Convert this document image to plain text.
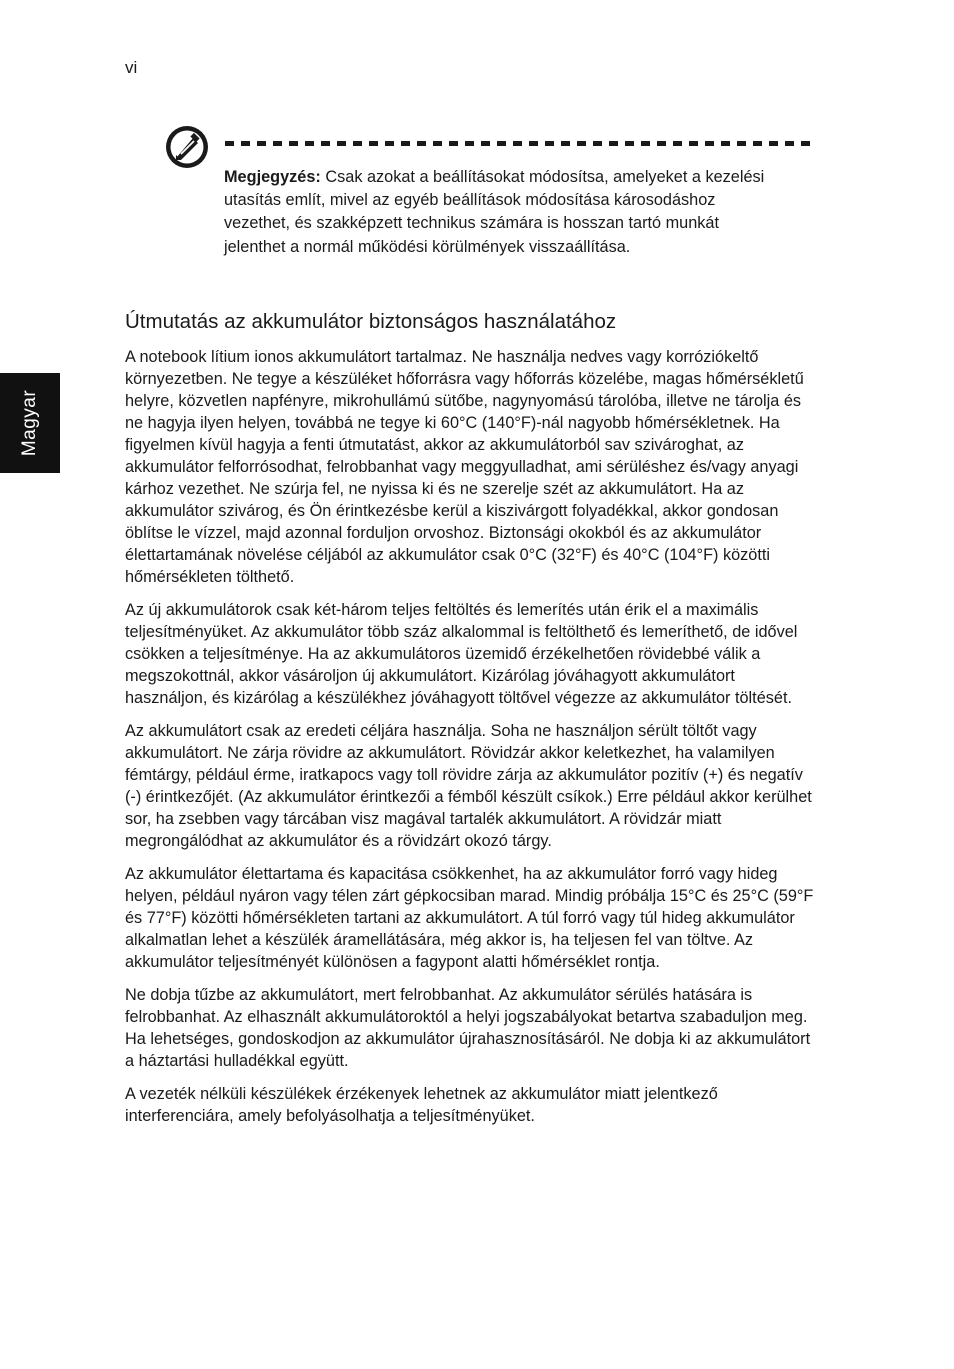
vi
Magyar

Megjegyzés: Csak azokat a beállításokat módosítsa, amelyeket a kezelési utasítás említ, mivel az egyéb beállítások módosítása károsodáshoz vezethet, és szakképzett technikus számára is hosszan tartó munkát jelenthet a normál működési körülmények visszaállítása.

Útmutatás az akkumulátor biztonságos használatához

A notebook lítium ionos akkumulátort tartalmaz. Ne használja nedves vagy korróziókeltő környezetben. Ne tegye a készüléket hőforrásra vagy hőforrás közelébe, magas hőmérsékletű helyre, közvetlen napfényre, mikrohullámú sütőbe, nagynyomású tárolóba, illetve ne tárolja és ne hagyja ilyen helyen, továbbá ne tegye ki 60°C (140°F)-nál nagyobb hőmérsékletnek. Ha figyelmen kívül hagyja a fenti útmutatást, akkor az akkumulátorból sav szivároghat, az akkumulátor felforrósodhat, felrobbanhat vagy meggyulladhat, ami sérüléshez és/vagy anyagi kárhoz vezethet. Ne szúrja fel, ne nyissa ki és ne szerelje szét az akkumulátort. Ha az akkumulátor szivárog, és Ön érintkezésbe kerül a kiszivárgott folyadékkal, akkor gondosan öblítse le vízzel, majd azonnal forduljon orvoshoz. Biztonsági okokból és az akkumulátor élettartamának növelése céljából az akkumulátor csak 0°C (32°F) és 40°C (104°F) közötti hőmérsékleten tölthető.

Az új akkumulátorok csak két-három teljes feltöltés és lemerítés után érik el a maximális teljesítményüket. Az akkumulátor több száz alkalommal is feltölthető és lemeríthető, de idővel csökken a teljesítménye. Ha az akkumulátoros üzemidő érzékelhetően rövidebbé válik a megszokottnál, akkor vásároljon új akkumulátort. Kizárólag jóváhagyott akkumulátort használjon, és kizárólag a készülékhez jóváhagyott töltővel végezze az akkumulátor töltését.

Az akkumulátort csak az eredeti céljára használja. Soha ne használjon sérült töltőt vagy akkumulátort. Ne zárja rövidre az akkumulátort. Rövidzár akkor keletkezhet, ha valamilyen fémtárgy, például érme, iratkapocs vagy toll rövidre zárja az akkumulátor pozitív (+) és negatív (-) érintkezőjét. (Az akkumulátor érintkezői a fémből készült csíkok.) Erre például akkor kerülhet sor, ha zsebben vagy tárcában visz magával tartalék akkumulátort. A rövidzár miatt megrongálódhat az akkumulátor és a rövidzárt okozó tárgy.

Az akkumulátor élettartama és kapacitása csökkenhet, ha az akkumulátor forró vagy hideg helyen, például nyáron vagy télen zárt gépkocsiban marad. Mindig próbálja 15°C és 25°C (59°F és 77°F) közötti hőmérsékleten tartani az akkumulátort. A túl forró vagy túl hideg akkumulátor alkalmatlan lehet a készülék áramellátására, még akkor is, ha teljesen fel van töltve. Az akkumulátor teljesítményét különösen a fagypont alatti hőmérséklet rontja.

Ne dobja tűzbe az akkumulátort, mert felrobbanhat. Az akkumulátor sérülés hatására is felrobbanhat. Az elhasznált akkumulátoroktól a helyi jogszabályokat betartva szabaduljon meg. Ha lehetséges, gondoskodjon az akkumulátor újrahasznosításáról. Ne dobja ki az akkumulátort a háztartási hulladékkal együtt.

A vezeték nélküli készülékek érzékenyek lehetnek az akkumulátor miatt jelentkező interferenciára, amely befolyásolhatja a teljesítményüket.
